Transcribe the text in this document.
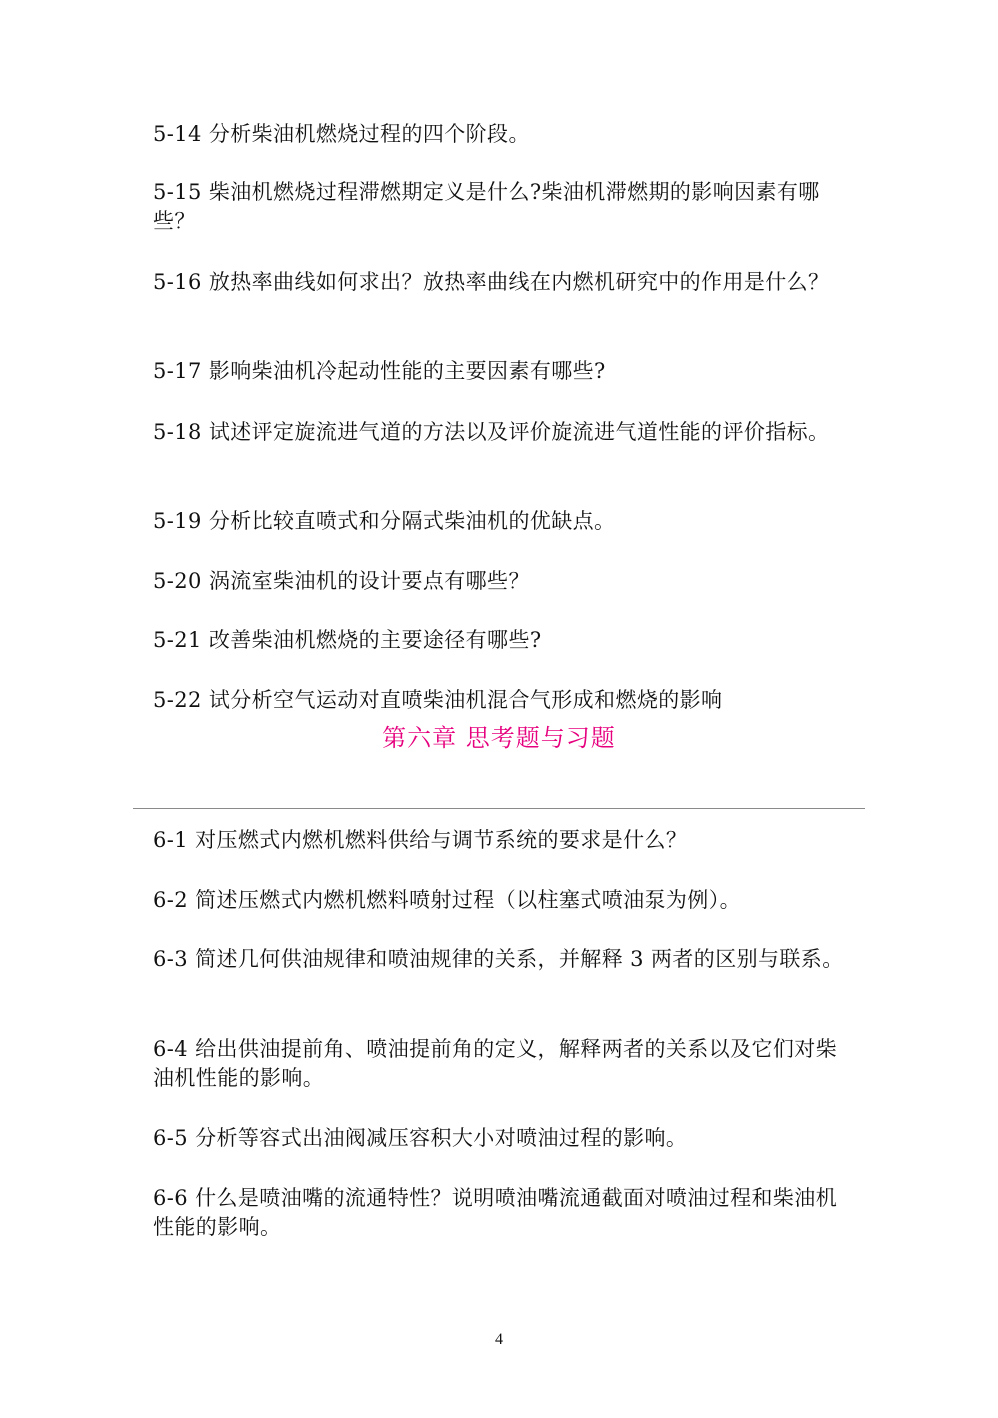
5-14 分析柴油机燃烧过程的四个阶段。
5-15 柴油机燃烧过程滞燃期定义是什么?柴油机滞燃期的影响因素有哪些？
5-16 放热率曲线如何求出？放热率曲线在内燃机研究中的作用是什么？
5-17 影响柴油机冷起动性能的主要因素有哪些?
5-18 试述评定旋流进气道的方法以及评价旋流进气道性能的评价指标。
5-19 分析比较直喷式和分隔式柴油机的优缺点。
5-20 涡流室柴油机的设计要点有哪些？
5-21 改善柴油机燃烧的主要途径有哪些?
5-22 试分析空气运动对直喷柴油机混合气形成和燃烧的影响
第六章 思考题与习题
6-1 对压燃式内燃机燃料供给与调节系统的要求是什么？
6-2 简述压燃式内燃机燃料喷射过程（以柱塞式喷油泵为例）。
6-3 简述几何供油规律和喷油规律的关系，并解释 3 两者的区别与联系。
6-4 给出供油提前角、喷油提前角的定义，解释两者的关系以及它们对柴油机性能的影响。
6-5 分析等容式出油阀减压容积大小对喷油过程的影响。
6-6 什么是喷油嘴的流通特性？说明喷油嘴流通截面对喷油过程和柴油机性能的影响。
4
